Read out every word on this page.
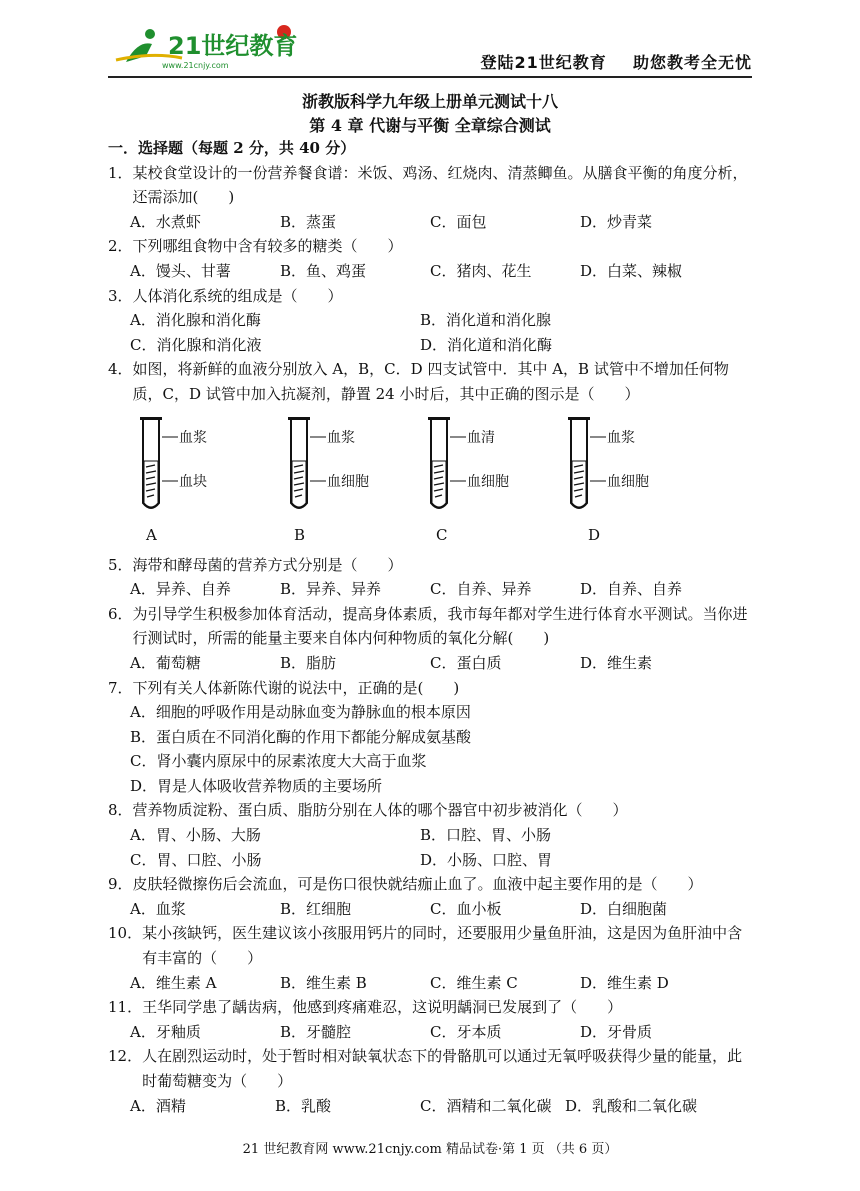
21世纪教育
www.21cnjy.com	登陆21世纪教育    助您教考全无忧
浙教版科学九年级上册单元测试十八
第 4 章 代谢与平衡 全章综合测试
一．选择题（每题 2 分，共 40 分）
1． 某校食堂设计的一份营养餐食谱：米饭、鸡汤、红烧肉、清蒸鲫鱼。从膳食平衡的角度分析，还需添加(　　)
A．水煮虾	B．蒸蛋	C．面包	D．炒青菜
2． 下列哪组食物中含有较多的糖类（　　）
A．馒头、甘薯	B．鱼、鸡蛋	C．猪肉、花生	D．白菜、辣椒
3． 人体消化系统的组成是（　　）
A．消化腺和消化酶	B．消化道和消化腺
C．消化腺和消化液	D．消化道和消化酶
4． 如图，将新鲜的血液分别放入 A，B，C．D 四支试管中．其中 A，B 试管中不增加任何物质，C，D 试管中加入抗凝剂，静置 24 小时后，其中正确的图示是（　　）
血浆
血块
A
血浆
血细胞
B
血清
血细胞
C
血浆
血细胞
D
5． 海带和酵母菌的营养方式分别是（　　）
A．异养、自养	B．异养、异养	C．自养、异养	D．自养、自养
6． 为引导学生积极参加体育活动，提高身体素质，我市每年都对学生进行体育水平测试。当你进行测试时，所需的能量主要来自体内何种物质的氧化分解(　　)
A．葡萄糖	B．脂肪	C．蛋白质	D．维生素
7． 下列有关人体新陈代谢的说法中，正确的是(　　)
A．细胞的呼吸作用是动脉血变为静脉血的根本原因
B．蛋白质在不同消化酶的作用下都能分解成氨基酸
C．肾小囊内原尿中的尿素浓度大大高于血浆
D．胃是人体吸收营养物质的主要场所
8． 营养物质淀粉、蛋白质、脂肪分别在人体的哪个器官中初步被消化（　　）
A．胃、小肠、大肠	B．口腔、胃、小肠
C．胃、口腔、小肠	D．小肠、口腔、胃
9． 皮肤轻微擦伤后会流血，可是伤口很快就结痂止血了。血液中起主要作用的是（　　）
A．血浆	B．红细胞	C．血小板	D．白细胞菌
10． 某小孩缺钙，医生建议该小孩服用钙片的同时，还要服用少量鱼肝油，这是因为鱼肝油中含有丰富的（　　）
A．维生素 A	B．维生素 B	C．维生素 C	D．维生素 D
11． 王华同学患了龋齿病，他感到疼痛难忍，这说明龋洞已发展到了（　　）
A．牙釉质	B．牙髓腔	C．牙本质	D．牙骨质
12． 人在剧烈运动时，处于暂时相对缺氧状态下的骨骼肌可以通过无氧呼吸获得少量的能量，此时葡萄糖变为（　　）
A．酒精	B．乳酸	C．酒精和二氧化碳 D．乳酸和二氧化碳
21 世纪教育网 www.21cnjy.com 精品试卷·第 1 页 （共 6 页）
